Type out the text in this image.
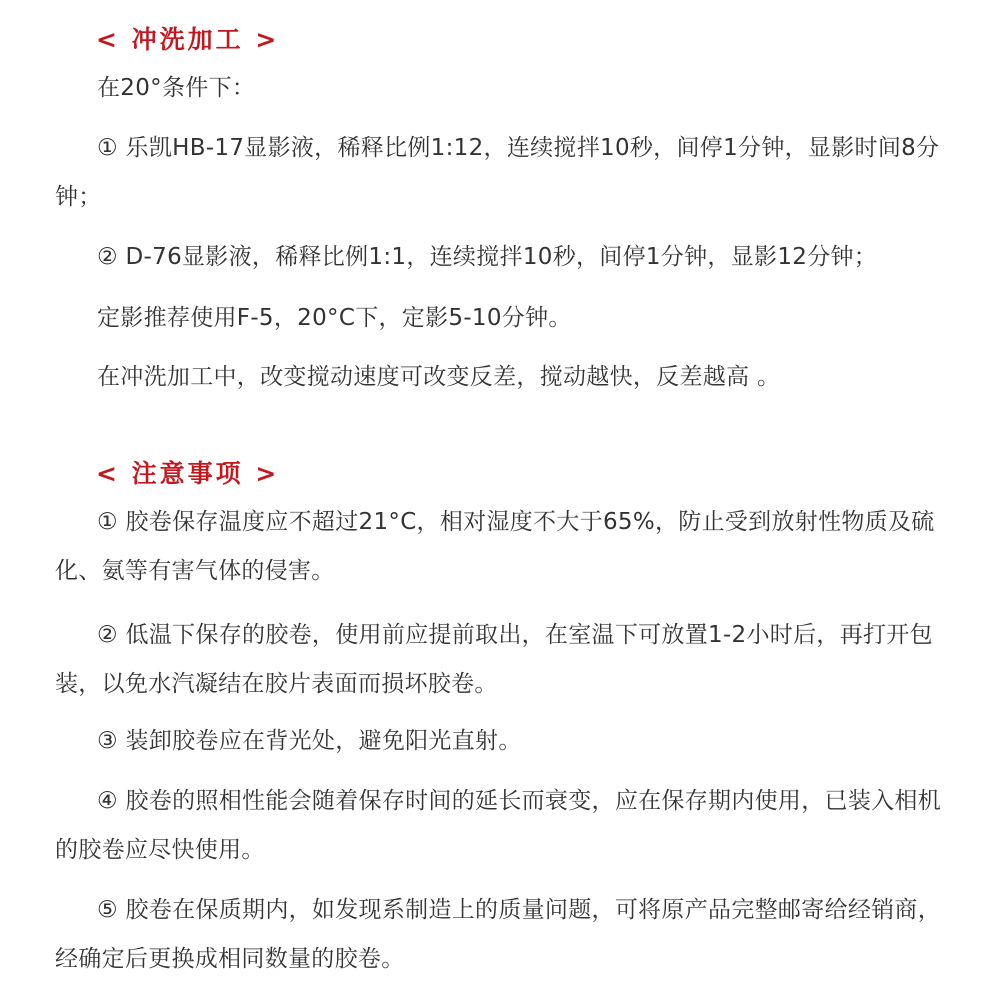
< 冲洗加工 >
在20°条件下：
① 乐凯HB-17显影液，稀释比例1:12，连续搅拌10秒，间停1分钟，显影时间8分钟；
② D-76显影液，稀释比例1:1，连续搅拌10秒，间停1分钟，显影12分钟；
定影推荐使用F-5，20°C下，定影5-10分钟。
在冲洗加工中，改变搅动速度可改变反差，搅动越快，反差越高 。
< 注意事项 >
① 胶卷保存温度应不超过21°C，相对湿度不大于65%，防止受到放射性物质及硫化、氨等有害气体的侵害。
② 低温下保存的胶卷，使用前应提前取出，在室温下可放置1-2小时后，再打开包装，以免水汽凝结在胶片表面而损坏胶卷。
③ 装卸胶卷应在背光处，避免阳光直射。
④ 胶卷的照相性能会随着保存时间的延长而衰变，应在保存期内使用，已装入相机的胶卷应尽快使用。
⑤ 胶卷在保质期内，如发现系制造上的质量问题，可将原产品完整邮寄给经销商，经确定后更换成相同数量的胶卷。
